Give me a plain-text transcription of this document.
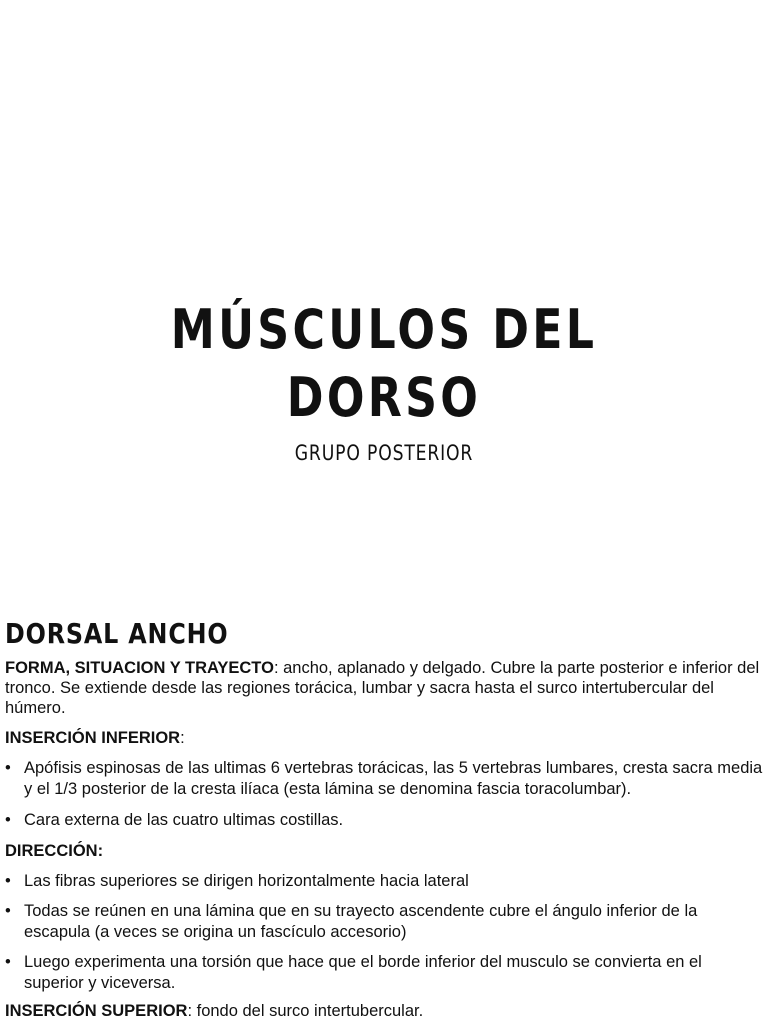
MÚSCULOS DEL DORSO
GRUPO POSTERIOR
DORSAL ANCHO

FORMA, SITUACION Y TRAYECTO: ancho, aplanado y delgado. Cubre la parte posterior e inferior del tronco. Se extiende desde las regiones torácica, lumbar y sacra hasta el surco intertubercular del húmero.

INSERCIÓN INFERIOR:

• Apófisis espinosas de las ultimas 6 vertebras torácicas, las 5 vertebras lumbares, cresta sacra media y el 1/3 posterior de la cresta ilíaca (esta lámina se denomina fascia toracolumbar).
• Cara externa de las cuatro ultimas costillas.

DIRECCIÓN:

• Las fibras superiores se dirigen horizontalmente hacia lateral
• Todas se reúnen en una lámina que en su trayecto ascendente cubre el ángulo inferior de la escapula (a veces se origina un fascículo accesorio)
• Luego experimenta una torsión que hace que el borde inferior del musculo se convierta en el superior y viceversa.

INSERCIÓN SUPERIOR: fondo del surco intertubercular.
